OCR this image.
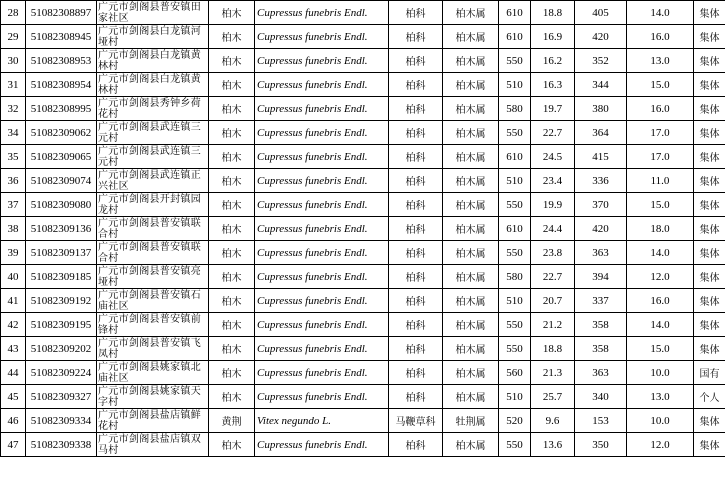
28	51082308897	广元市剑阁县普安镇田家社区	柏木	Cupressus funebris Endl.	柏科	柏木属	610	18.8	405	14.0	集体
29	51082308945	广元市剑阁县白龙镇河垭村	柏木	Cupressus funebris Endl.	柏科	柏木属	610	16.9	420	16.0	集体
30	51082308953	广元市剑阁县白龙镇黄林村	柏木	Cupressus funebris Endl.	柏科	柏木属	550	16.2	352	13.0	集体
31	51082308954	广元市剑阁县白龙镇黄林村	柏木	Cupressus funebris Endl.	柏科	柏木属	510	16.3	344	15.0	集体
32	51082308995	广元市剑阁县秀钟乡荷花村	柏木	Cupressus funebris Endl.	柏科	柏木属	580	19.7	380	16.0	集体
34	51082309062	广元市剑阁县武连镇三元村	柏木	Cupressus funebris Endl.	柏科	柏木属	550	22.7	364	17.0	集体
35	51082309065	广元市剑阁县武连镇三元村	柏木	Cupressus funebris Endl.	柏科	柏木属	610	24.5	415	17.0	集体
36	51082309074	广元市剑阁县武连镇正兴社区	柏木	Cupressus funebris Endl.	柏科	柏木属	510	23.4	336	11.0	集体
37	51082309080	广元市剑阁县开封镇园龙村	柏木	Cupressus funebris Endl.	柏科	柏木属	550	19.9	370	15.0	集体
38	51082309136	广元市剑阁县普安镇联合村	柏木	Cupressus funebris Endl.	柏科	柏木属	610	24.4	420	18.0	集体
39	51082309137	广元市剑阁县普安镇联合村	柏木	Cupressus funebris Endl.	柏科	柏木属	550	23.8	363	14.0	集体
40	51082309185	广元市剑阁县普安镇亮垭村	柏木	Cupressus funebris Endl.	柏科	柏木属	580	22.7	394	12.0	集体
41	51082309192	广元市剑阁县普安镇石庙社区	柏木	Cupressus funebris Endl.	柏科	柏木属	510	20.7	337	16.0	集体
42	51082309195	广元市剑阁县普安镇前锋村	柏木	Cupressus funebris Endl.	柏科	柏木属	550	21.2	358	14.0	集体
43	51082309202	广元市剑阁县普安镇飞凤村	柏木	Cupressus funebris Endl.	柏科	柏木属	550	18.8	358	15.0	集体
44	51082309224	广元市剑阁县姚家镇北庙社区	柏木	Cupressus funebris Endl.	柏科	柏木属	560	21.3	363	10.0	国有
45	51082309327	广元市剑阁县姚家镇天字村	柏木	Cupressus funebris Endl.	柏科	柏木属	510	25.7	340	13.0	个人
46	51082309334	广元市剑阁县盐店镇鲜花村	黄荆	Vitex negundo L.	马鞭草科	牡荆属	520	9.6	153	10.0	集体
47	51082309338	广元市剑阁县盐店镇双马村	柏木	Cupressus funebris Endl.	柏科	柏木属	550	13.6	350	12.0	集体
